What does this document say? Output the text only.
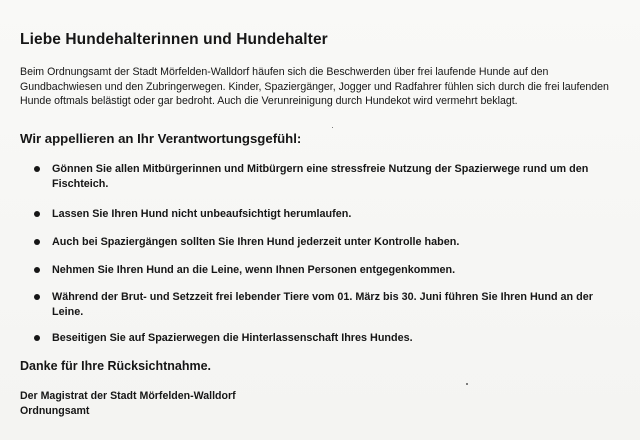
Liebe Hundehalterinnen und Hundehalter

Beim Ordnungsamt der Stadt Mörfelden-Walldorf häufen sich die Beschwerden über frei laufende Hunde auf den Gundbachwiesen und den Zubringerwegen. Kinder, Spaziergänger, Jogger und Radfahrer fühlen sich durch die frei laufenden Hunde oftmals belästigt oder gar bedroht. Auch die Verunreinigung durch Hundekot wird vermehrt beklagt.

Wir appellieren an Ihr Verantwortungsgefühl:
Gönnen Sie allen Mitbürgerinnen und Mitbürgern eine stressfreie Nutzung der Spazierwege rund um den Fischteich.
Lassen Sie Ihren Hund nicht unbeaufsichtigt herumlaufen.
Auch bei Spaziergängen sollten Sie Ihren Hund jederzeit unter Kontrolle haben.
Nehmen Sie Ihren Hund an die Leine, wenn Ihnen Personen entgegenkommen.
Während der Brut- und Setzzeit frei lebender Tiere vom 01. März bis 30. Juni führen Sie Ihren Hund an der Leine.
Beseitigen Sie auf Spazierwegen die Hinterlassenschaft Ihres Hundes.

Danke für Ihre Rücksichtnahme.

Der Magistrat der Stadt Mörfelden-Walldorf
Ordnungsamt
